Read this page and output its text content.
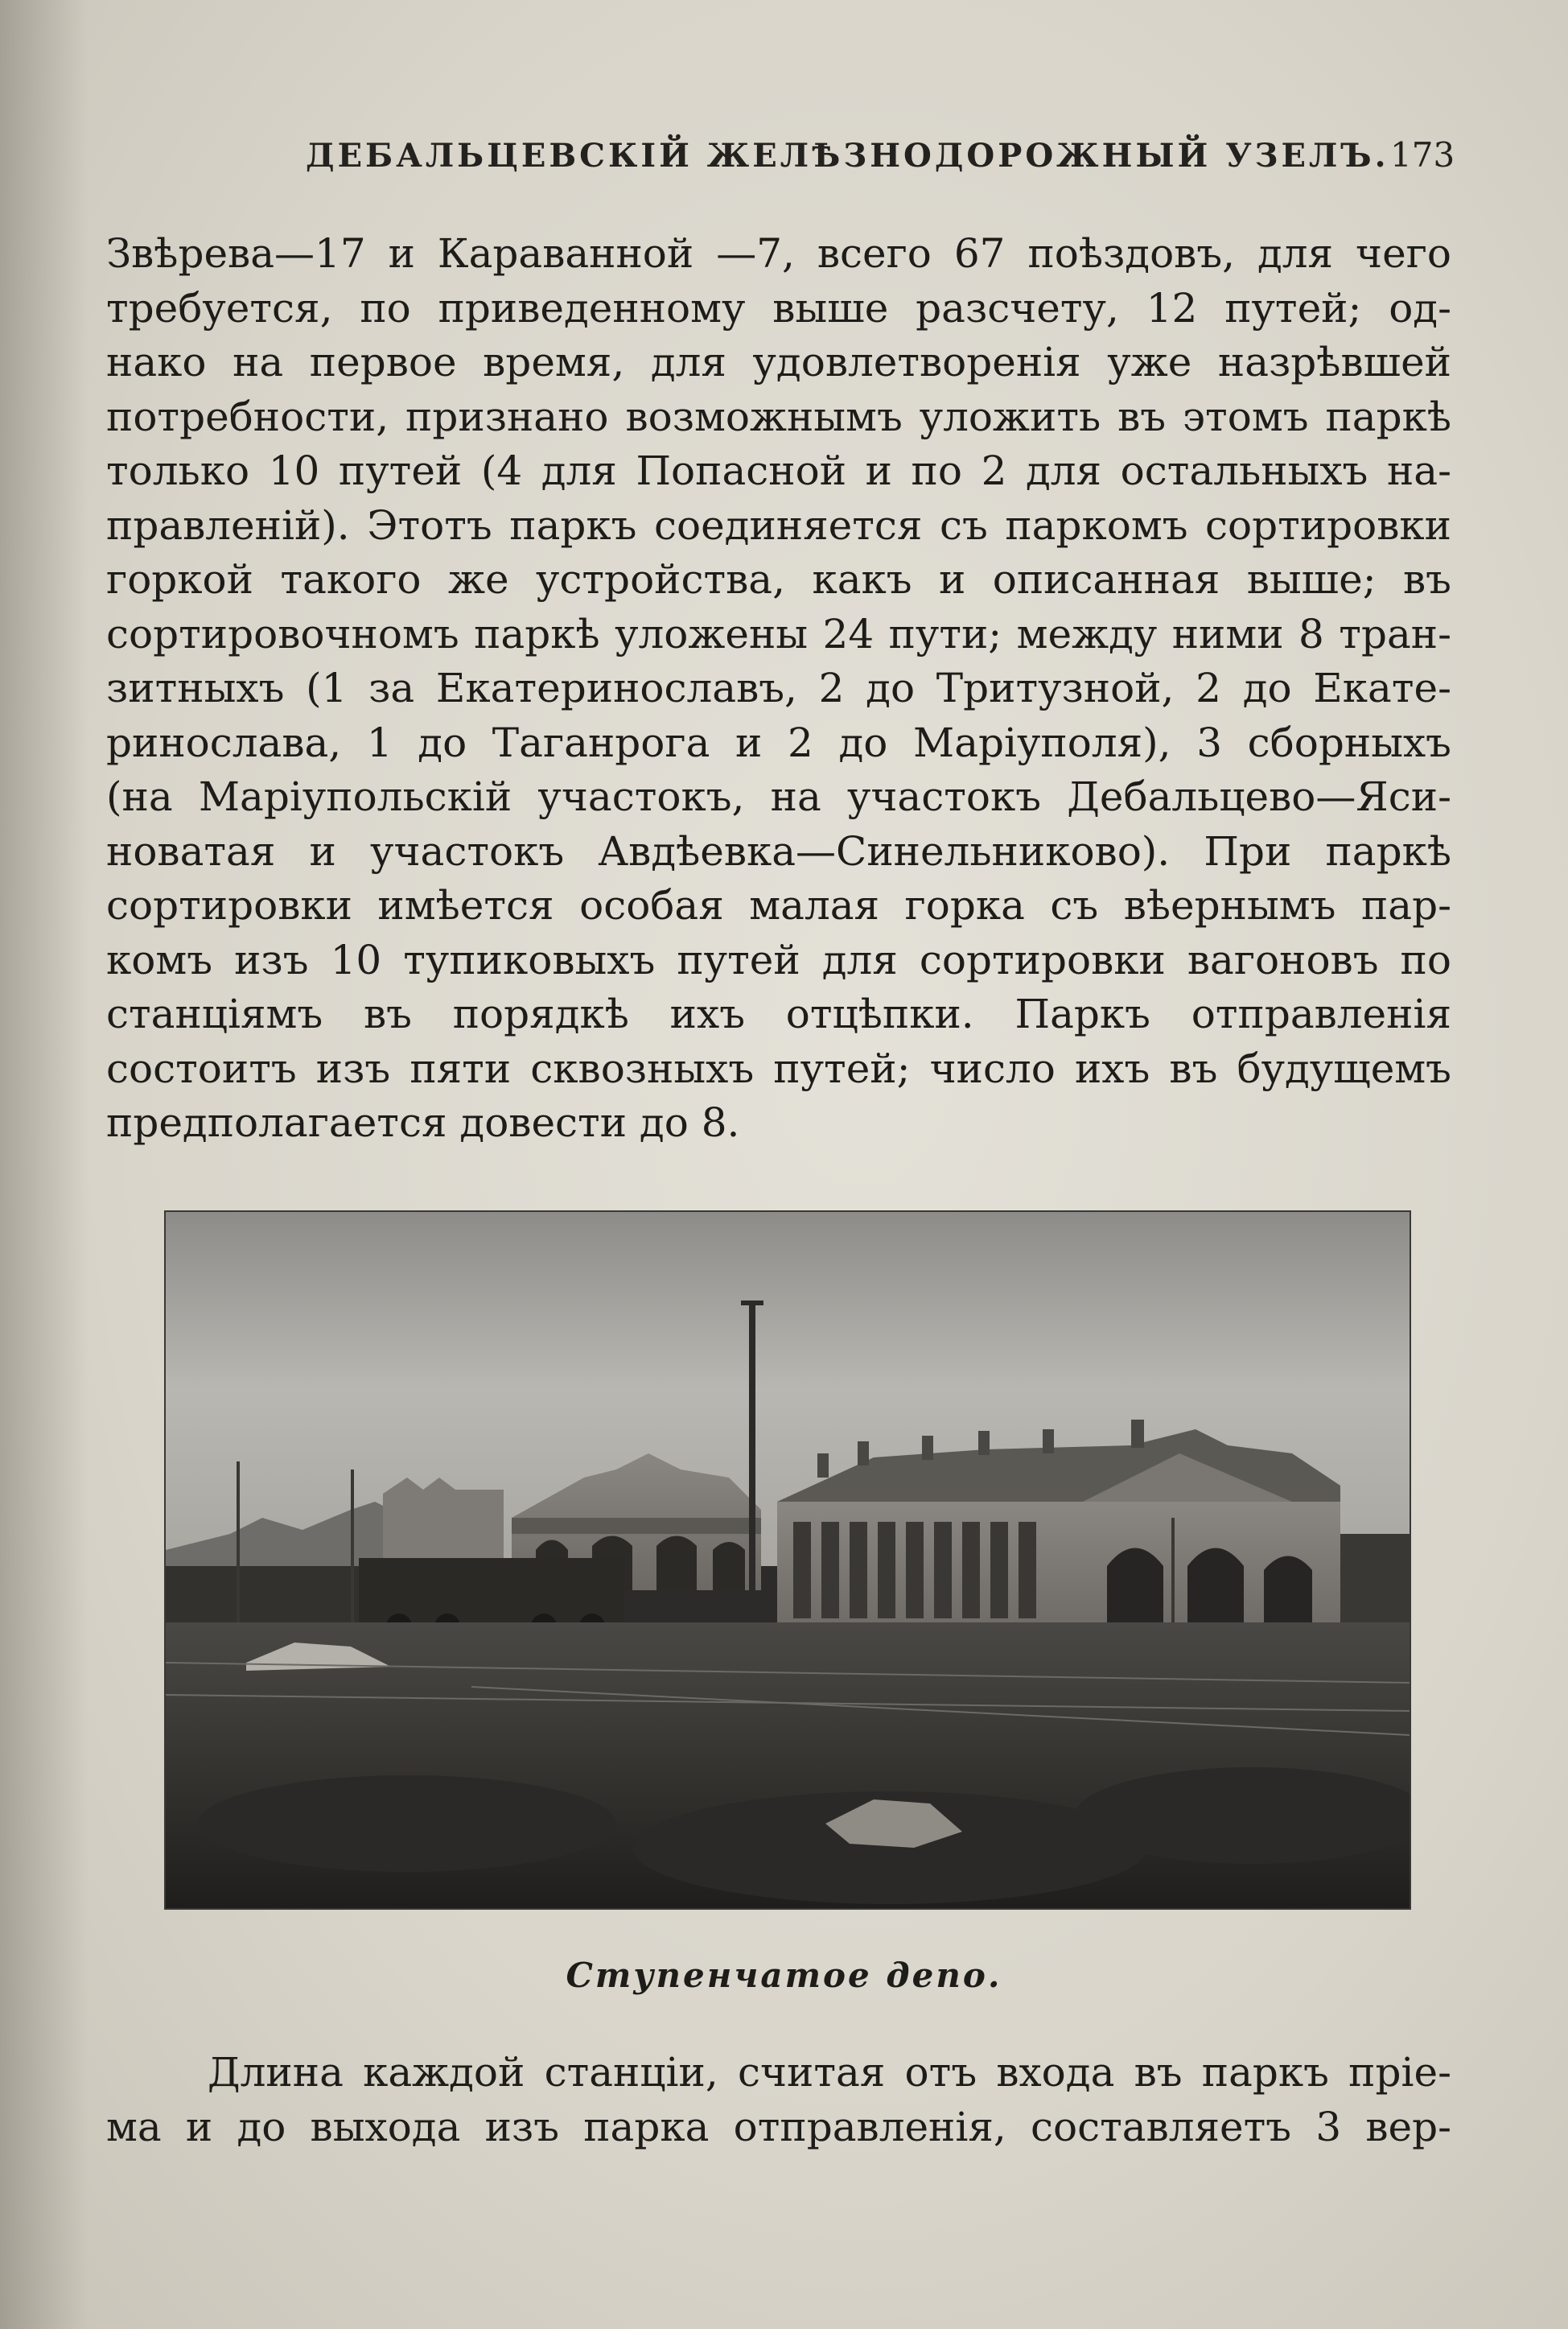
ДЕБАЛЬЦЕВСКІЙ ЖЕЛѢЗНОДОРОЖНЫЙ УЗЕЛЪ. 173
Звѣрева—17 и Караванной —7, всего 67 поѣздовъ, для чего
требуется, по приведенному выше разсчету, 12 путей; од-
нако на первое время, для удовлетворенія уже назрѣвшей
потребности, признано возможнымъ уложить въ этомъ паркѣ
только 10 путей (4 для Попасной и по 2 для остальныхъ на-
правленій). Этотъ паркъ соединяется съ паркомъ сортировки
горкой такого же устройства, какъ и описанная выше; въ
сортировочномъ паркѣ уложены 24 пути; между ними 8 тран-
зитныхъ (1 за Екатеринославъ, 2 до Тритузной, 2 до Екате-
ринослава, 1 до Таганрога и 2 до Маріуполя), 3 сборныхъ
(на Маріупольскій участокъ, на участокъ Дебальцево—Яси-
новатая и участокъ Авдѣевка—Синельниково). При паркѣ
сортировки имѣется особая малая горка съ вѣернымъ пар-
комъ изъ 10 тупиковыхъ путей для сортировки вагоновъ по
станціямъ въ порядкѣ ихъ отцѣпки. Паркъ отправленія
состоитъ изъ пяти сквозныхъ путей; число ихъ въ будущемъ
предполагается довести до 8.
Ступенчатое депо.
Длина каждой станціи, считая отъ входа въ паркъ пріе-
ма и до выхода изъ парка отправленія, составляетъ 3 вер-
